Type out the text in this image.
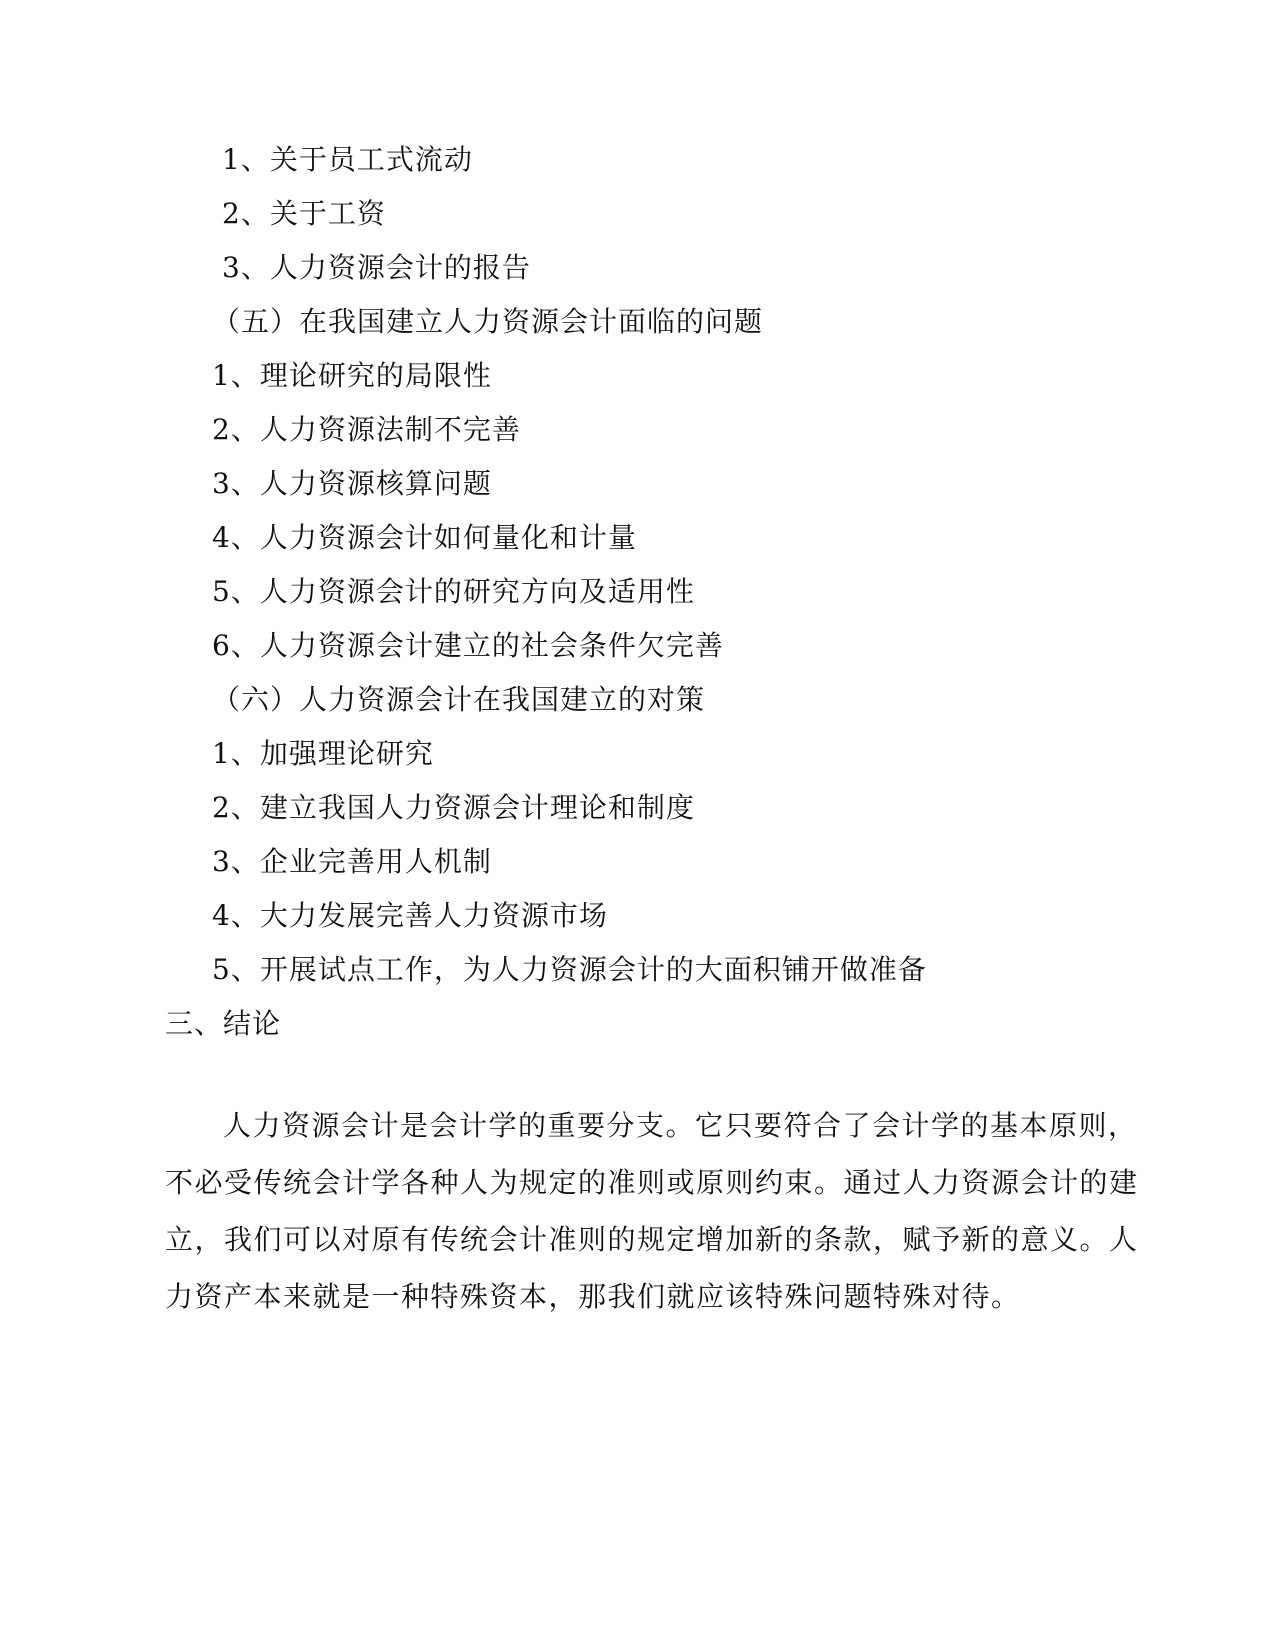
1、关于员工式流动
2、关于工资
3、人力资源会计的报告
（五）在我国建立人力资源会计面临的问题
1、理论研究的局限性
2、人力资源法制不完善
3、人力资源核算问题
4、人力资源会计如何量化和计量
5、人力资源会计的研究方向及适用性
6、人力资源会计建立的社会条件欠完善
（六）人力资源会计在我国建立的对策
1、加强理论研究
2、建立我国人力资源会计理论和制度
3、企业完善用人机制
4、大力发展完善人力资源市场
5、开展试点工作，为人力资源会计的大面积铺开做准备
三、结论
人力资源会计是会计学的重要分支。它只要符合了会计学的基本原则，
不必受传统会计学各种人为规定的准则或原则约束。通过人力资源会计的建
立，我们可以对原有传统会计准则的规定增加新的条款，赋予新的意义。人
力资产本来就是一种特殊资本，那我们就应该特殊问题特殊对待。
